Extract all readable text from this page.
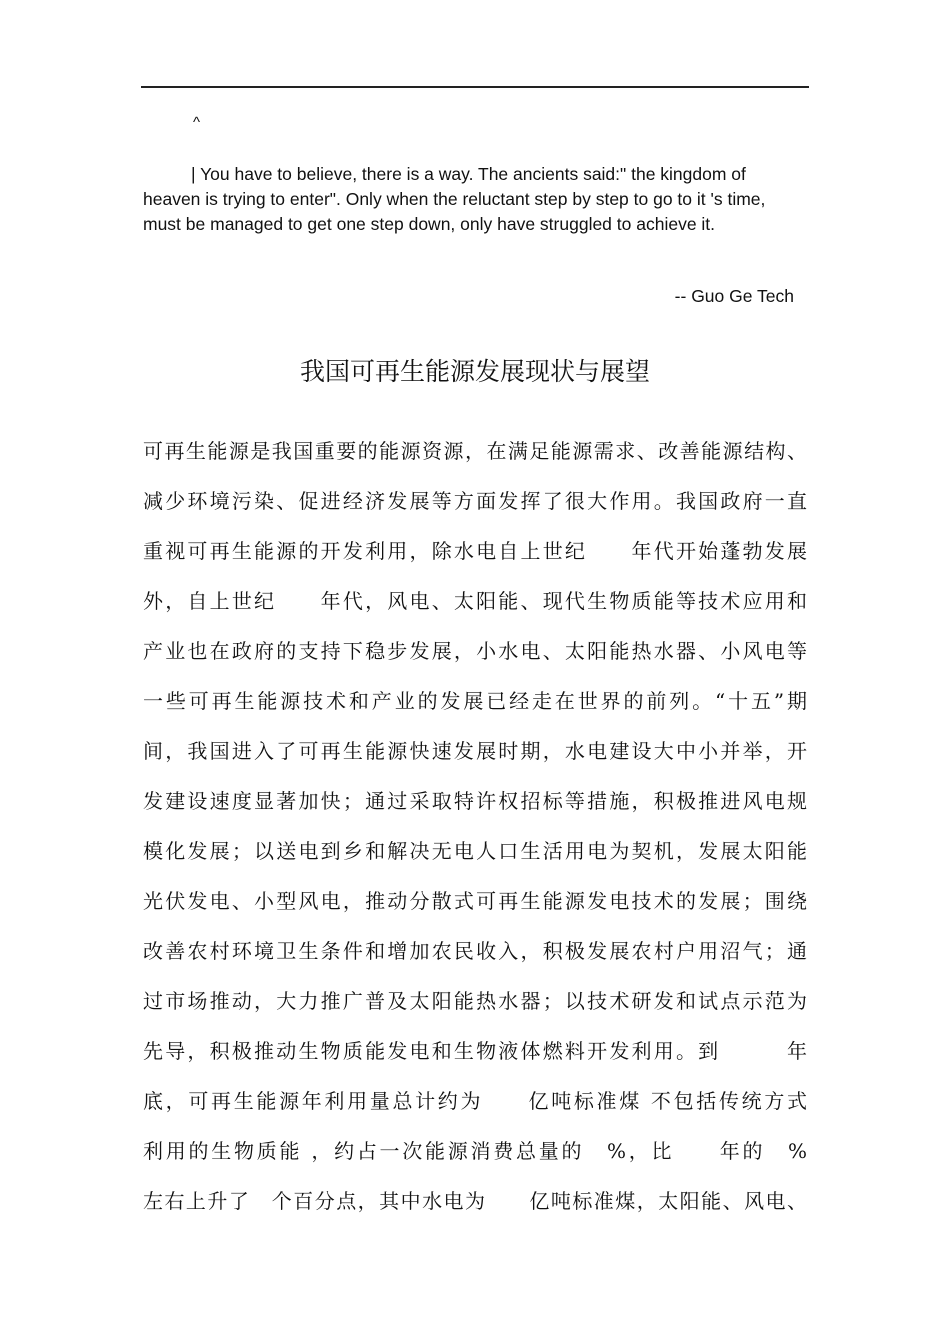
^

| You have to believe, there is a way. The ancients said:" the kingdom of heaven is trying to enter". Only when the reluctant step by step to go to it 's time, must be managed to get one step down, only have struggled to achieve it.

-- Guo Ge Tech
我国可再生能源发展现状与展望
可再生能源是我国重要的能源资源，在满足能源需求、改善能源结构、
减少环境污染、促进经济发展等方面发挥了很大作用。我国政府一直
重视可再生能源的开发利用，除水电自上世纪　　年代开始蓬勃发展
外，自上世纪　　年代，风电、太阳能、现代生物质能等技术应用和
产业也在政府的支持下稳步发展，小水电、太阳能热水器、小风电等
一些可再生能源技术和产业的发展已经走在世界的前列。“十五”期
间，我国进入了可再生能源快速发展时期，水电建设大中小并举，开
发建设速度显著加快；通过采取特许权招标等措施，积极推进风电规
模化发展；以送电到乡和解决无电人口生活用电为契机，发展太阳能
光伏发电、小型风电，推动分散式可再生能源发电技术的发展；围绕
改善农村环境卫生条件和增加农民收入，积极发展农村户用沼气；通
过市场推动，大力推广普及太阳能热水器；以技术研发和试点示范为
先导，积极推动生物质能发电和生物液体燃料开发利用。到　　　年
底，可再生能源年利用量总计约为　　亿吨标准煤 不包括传统方式
利用的生物质能 ，约占一次能源消费总量的　%，比　　年的　%
左右上升了　个百分点，其中水电为　　亿吨标准煤，太阳能、风电、
